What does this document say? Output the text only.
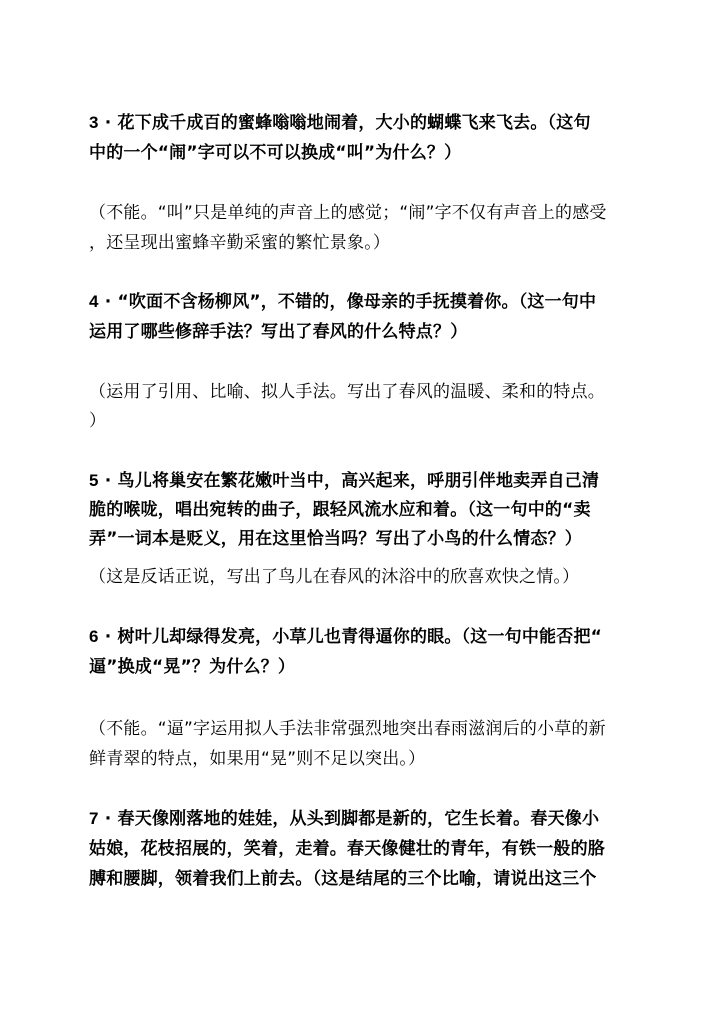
3 · 花下成千成百的蜜蜂嗡嗡地闹着，大小的蝴蝶飞来飞去。（这句
中的一个“闹”字可以不可以换成“叫”为什么？）
（不能。“叫”只是单纯的声音上的感觉；“闹”字不仅有声音上的感受
，还呈现出蜜蜂辛勤采蜜的繁忙景象。）
4 · “吹面不含杨柳风”，不错的，像母亲的手抚摸着你。（这一句中
运用了哪些修辞手法？写出了春风的什么特点？）
（运用了引用、比喻、拟人手法。写出了春风的温暖、柔和的特点。
）
5 · 鸟儿将巢安在繁花嫩叶当中，高兴起来，呼朋引伴地卖弄自己清
脆的喉咙，唱出宛转的曲子，跟轻风流水应和着。（这一句中的“卖
弄”一词本是贬义，用在这里恰当吗？写出了小鸟的什么情态？）
（这是反话正说，写出了鸟儿在春风的沐浴中的欣喜欢快之情。）
6 · 树叶儿却绿得发亮，小草儿也青得逼你的眼。（这一句中能否把“
逼”换成“晃”？为什么？）
（不能。“逼”字运用拟人手法非常强烈地突出春雨滋润后的小草的新
鲜青翠的特点，如果用“晃”则不足以突出。）
7 · 春天像刚落地的娃娃，从头到脚都是新的，它生长着。春天像小
姑娘，花枝招展的，笑着，走着。春天像健壮的青年，有铁一般的胳
膊和腰脚，领着我们上前去。（这是结尾的三个比喻，请说出这三个
